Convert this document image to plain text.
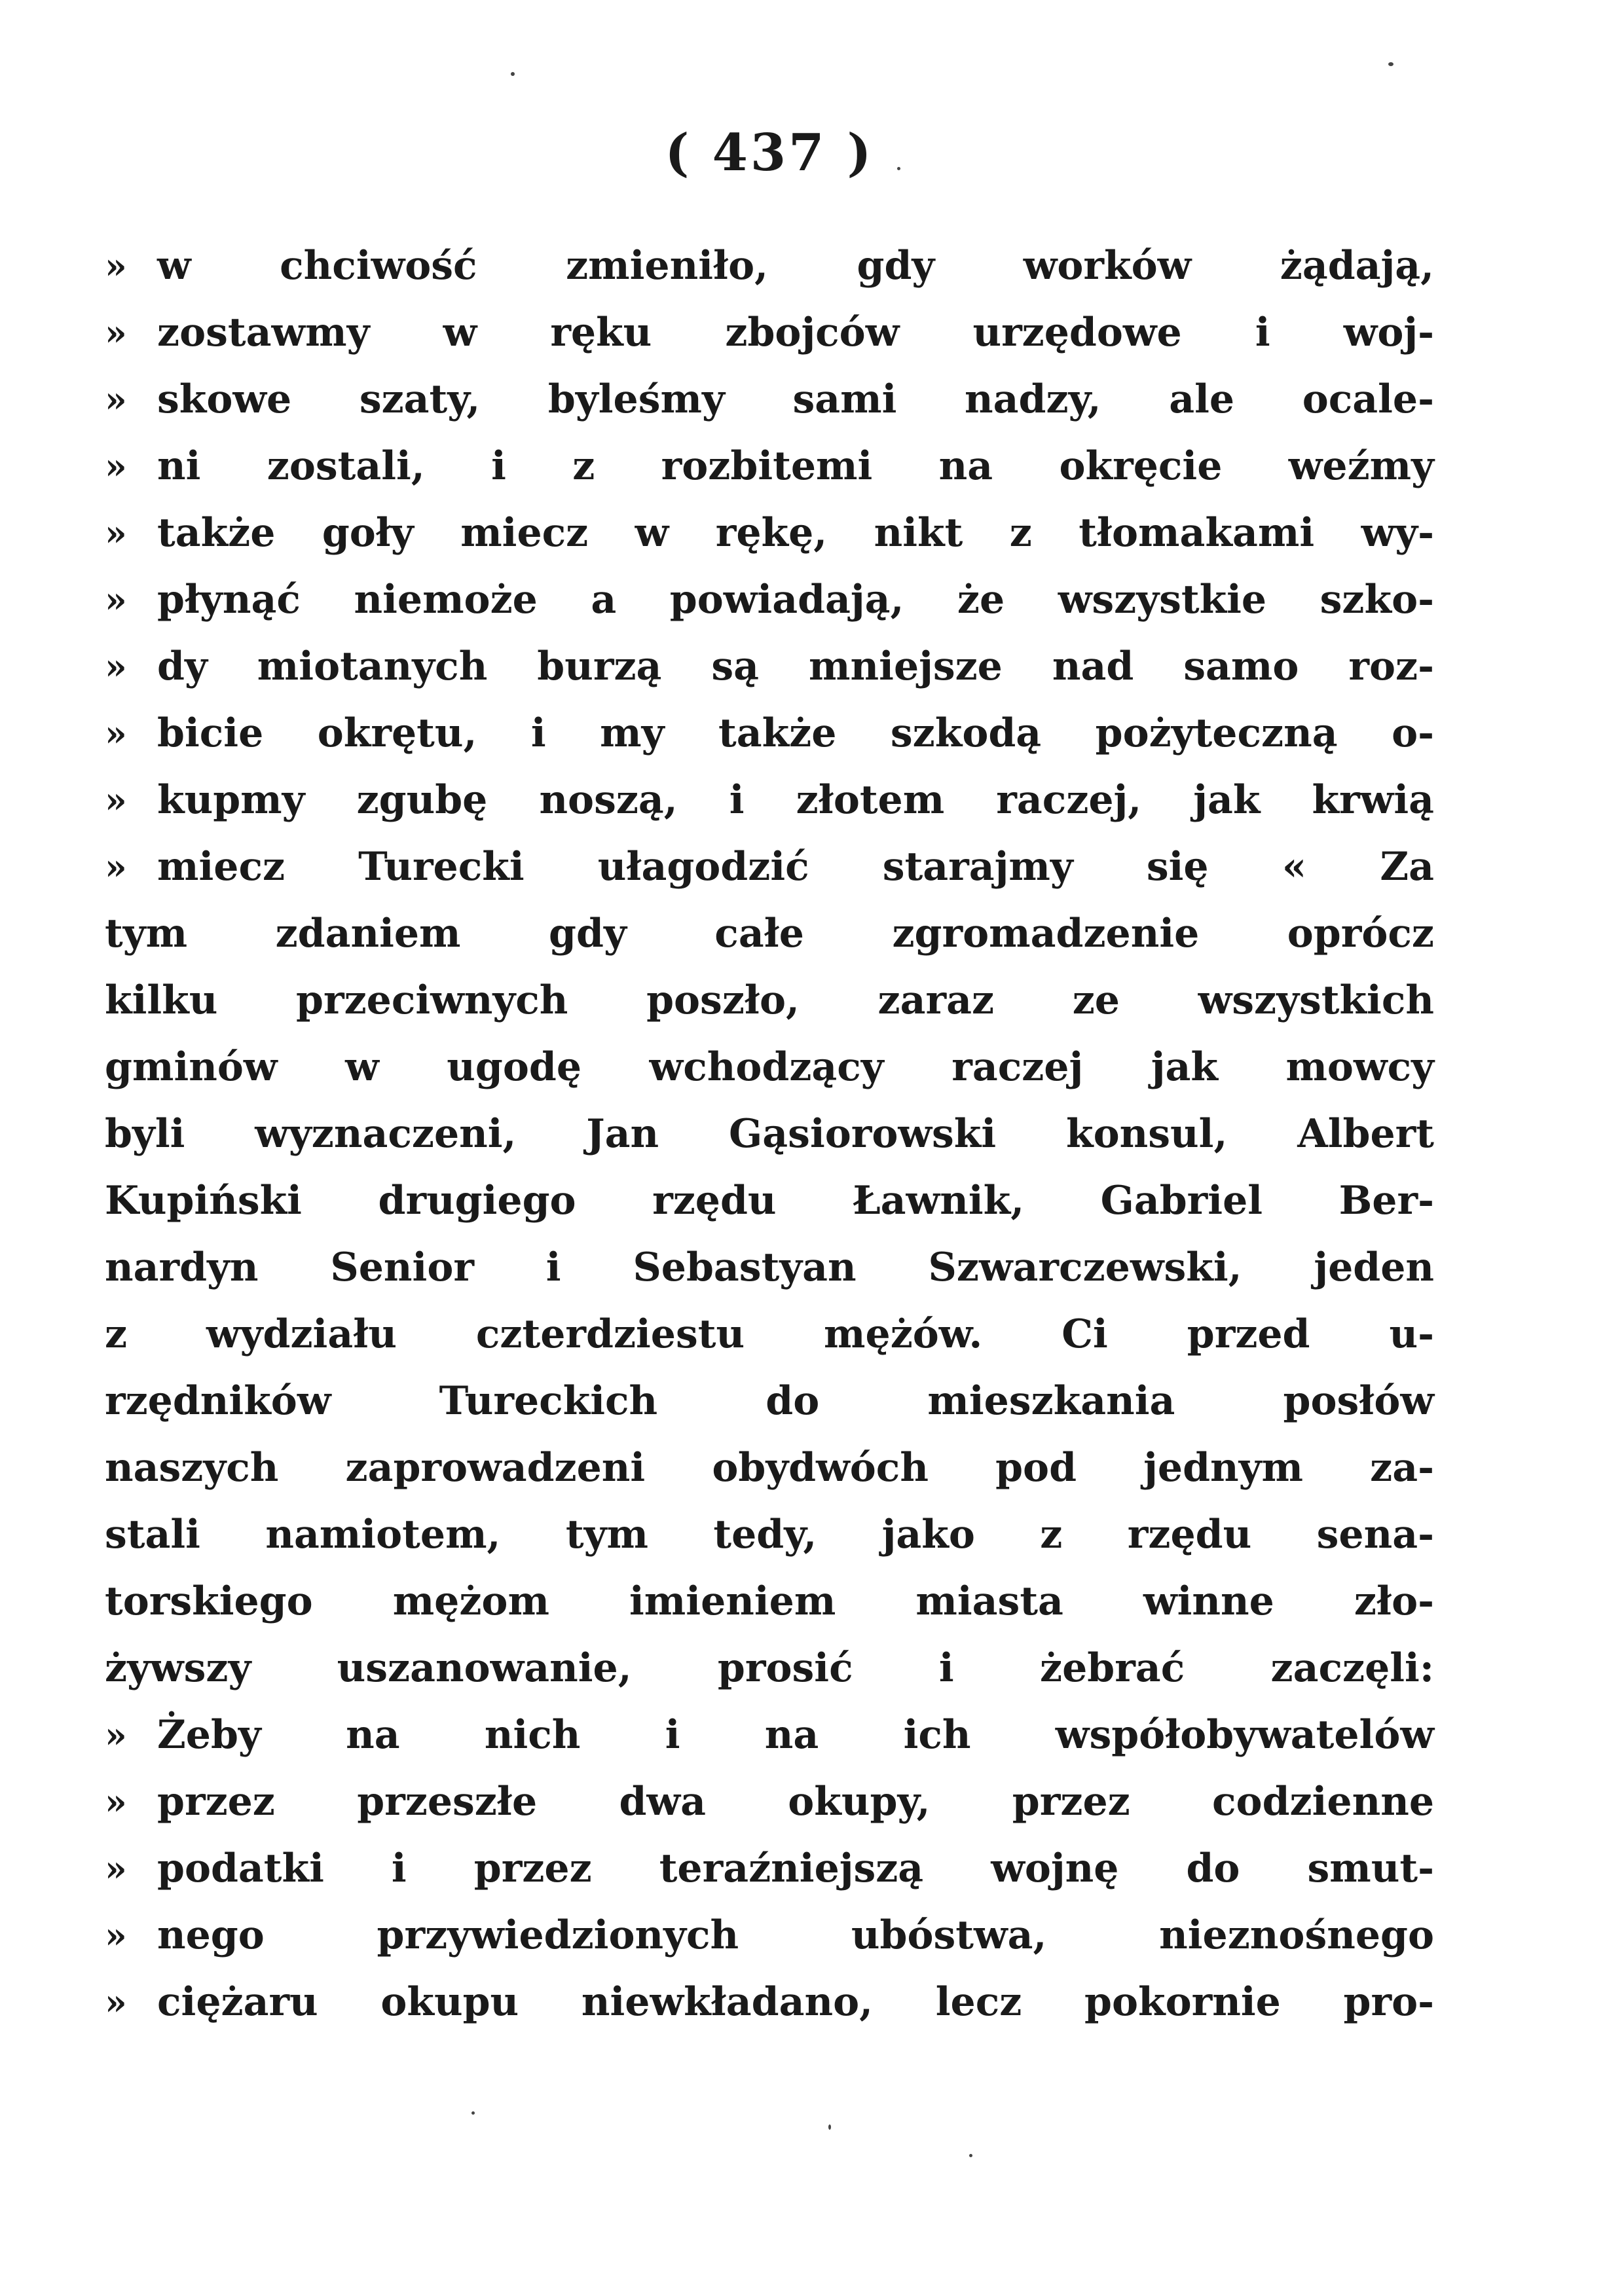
( 437 )
» w chciwość zmieniło, gdy worków żądają,
» zostawmy w ręku zbojców urzędowe i woj-
» skowe szaty, byleśmy sami nadzy, ale ocale-
» ni zostali, i z rozbitemi na okręcie weźmy
» także goły miecz w rękę, nikt z tłomakami wy-
» płynąć niemoże a powiadają, że wszystkie szko-
» dy miotanych burzą są mniejsze nad samo roz-
» bicie okrętu, i my także szkodą pożyteczną o-
» kupmy zgubę noszą, i złotem raczej, jak krwią
» miecz Turecki ułagodzić starajmy się « Za
tym zdaniem gdy całe zgromadzenie oprócz
kilku przeciwnych poszło, zaraz ze wszystkich
gminów w ugodę wchodzący raczej jak mowcy
byli wyznaczeni, Jan Gąsiorowski konsul, Albert
Kupiński drugiego rzędu Ławnik, Gabriel Ber-
nardyn Senior i Sebastyan Szwarczewski, jeden
z wydziału czterdziestu mężów. Ci przed u-
rzędników Tureckich do mieszkania posłów
naszych zaprowadzeni obydwóch pod jednym za-
stali namiotem, tym tedy, jako z rzędu sena-
torskiego mężom imieniem miasta winne zło-
żywszy uszanowanie, prosić i żebrać zaczęli:
» Żeby na nich i na ich współobywatelów
» przez przeszłe dwa okupy, przez codzienne
» podatki i przez teraźniejszą wojnę do smut-
» nego przywiedzionych ubóstwa, nieznośnego
» ciężaru okupu niewkładano, lecz pokornie pro-
